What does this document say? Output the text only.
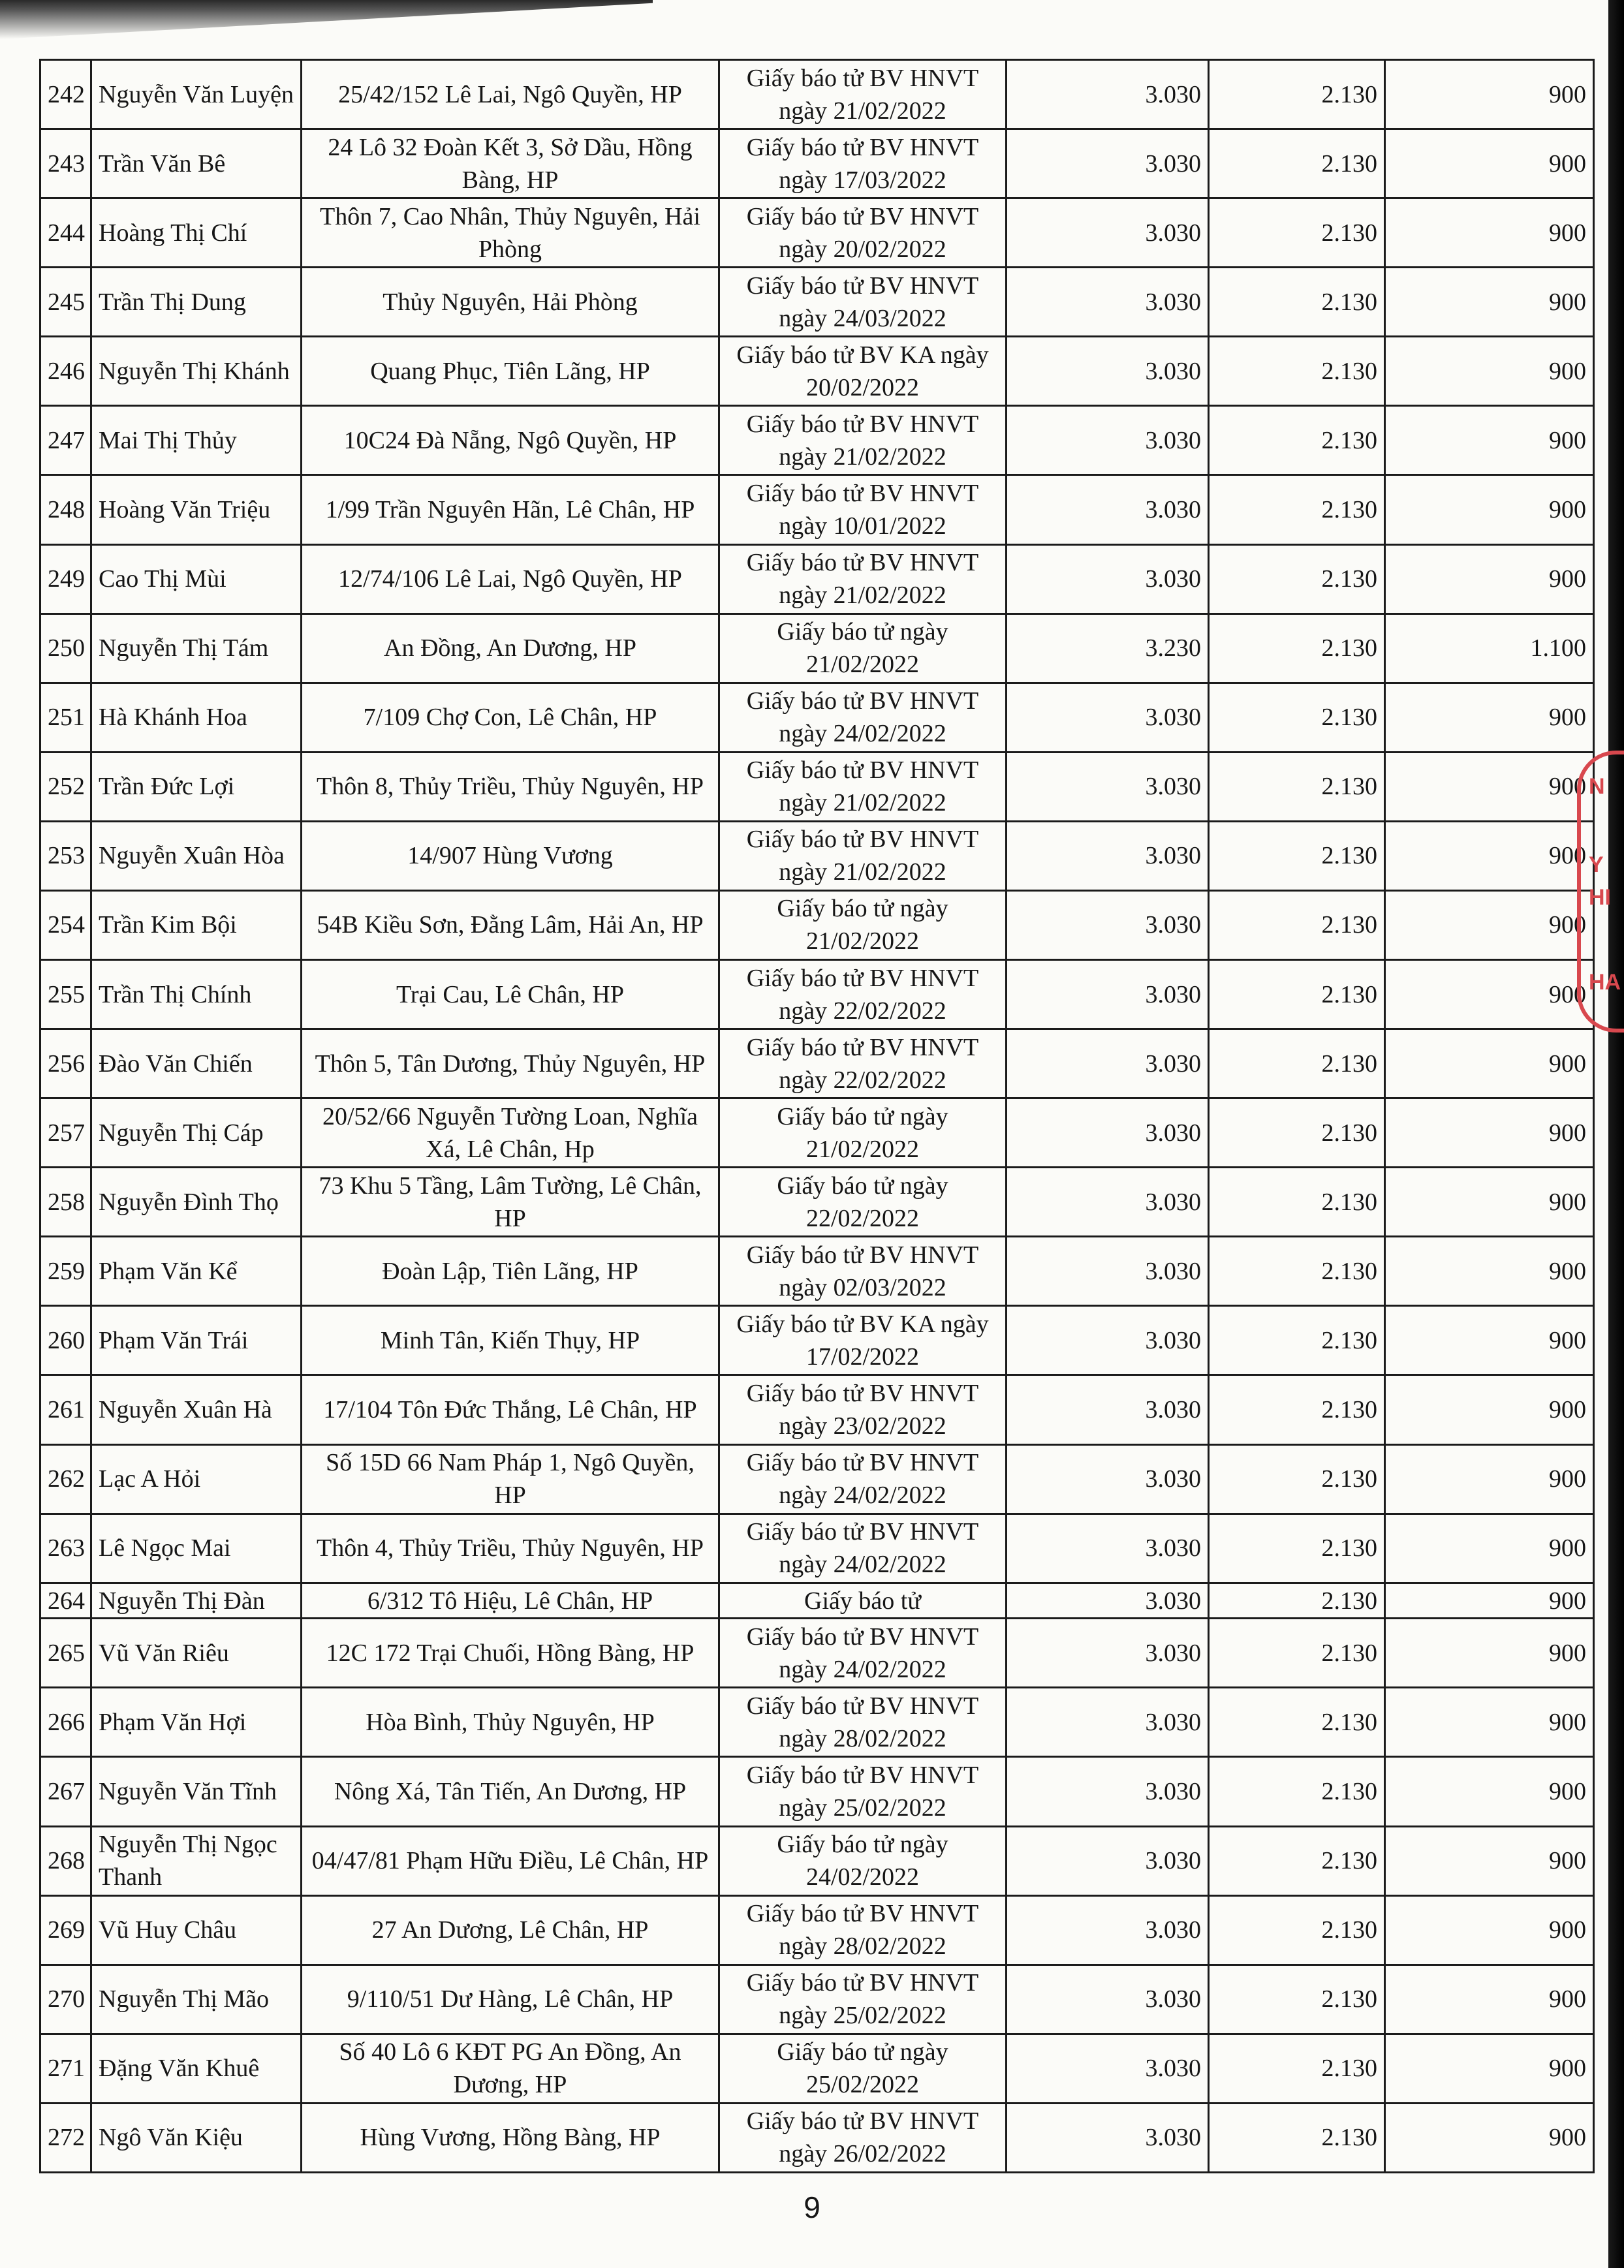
242	Nguyễn Văn Luyện	25/42/152 Lê Lai, Ngô Quyền, HP	Giấy báo tử BV HNVT ngày 21/02/2022	3.030	2.130	900
243	Trần Văn Bê	24 Lô 32 Đoàn Kết 3, Sở Dầu, Hồng Bàng, HP	Giấy báo tử BV HNVT ngày 17/03/2022	3.030	2.130	900
244	Hoàng Thị Chí	Thôn 7, Cao Nhân, Thủy Nguyên, Hải Phòng	Giấy báo tử BV HNVT ngày 20/02/2022	3.030	2.130	900
245	Trần Thị Dung	Thủy Nguyên, Hải Phòng	Giấy báo tử BV HNVT ngày 24/03/2022	3.030	2.130	900
246	Nguyễn Thị Khánh	Quang Phục, Tiên Lãng, HP	Giấy báo tử BV KA ngày 20/02/2022	3.030	2.130	900
247	Mai Thị Thủy	10C24 Đà Nẵng, Ngô Quyền, HP	Giấy báo tử BV HNVT ngày 21/02/2022	3.030	2.130	900
248	Hoàng Văn Triệu	1/99 Trần Nguyên Hãn, Lê Chân, HP	Giấy báo tử BV HNVT ngày 10/01/2022	3.030	2.130	900
249	Cao Thị Mùi	12/74/106 Lê Lai, Ngô Quyền, HP	Giấy báo tử BV HNVT ngày 21/02/2022	3.030	2.130	900
250	Nguyễn Thị Tám	An Đồng, An Dương, HP	Giấy báo tử ngày 21/02/2022	3.230	2.130	1.100
251	Hà Khánh Hoa	7/109 Chợ Con, Lê Chân, HP	Giấy báo tử BV HNVT ngày 24/02/2022	3.030	2.130	900
252	Trần Đức Lợi	Thôn 8, Thủy Triều, Thủy Nguyên, HP	Giấy báo tử BV HNVT ngày 21/02/2022	3.030	2.130	900
253	Nguyễn Xuân Hòa	14/907 Hùng Vương	Giấy báo tử BV HNVT ngày 21/02/2022	3.030	2.130	900
254	Trần Kim Bội	54B Kiều Sơn, Đằng Lâm, Hải An, HP	Giấy báo tử ngày 21/02/2022	3.030	2.130	900
255	Trần Thị Chính	Trại Cau, Lê Chân, HP	Giấy báo tử BV HNVT ngày 22/02/2022	3.030	2.130	900
256	Đào Văn Chiến	Thôn 5, Tân Dương, Thủy Nguyên, HP	Giấy báo tử BV HNVT ngày 22/02/2022	3.030	2.130	900
257	Nguyễn Thị Cáp	20/52/66 Nguyễn Tường Loan, Nghĩa Xá, Lê Chân, Hp	Giấy báo tử ngày 21/02/2022	3.030	2.130	900
258	Nguyễn Đình Thọ	73 Khu 5 Tầng, Lâm Tường, Lê Chân, HP	Giấy báo tử ngày 22/02/2022	3.030	2.130	900
259	Phạm Văn Kể	Đoàn Lập, Tiên Lãng, HP	Giấy báo tử BV HNVT ngày 02/03/2022	3.030	2.130	900
260	Phạm Văn Trái	Minh Tân, Kiến Thụy, HP	Giấy báo tử BV KA ngày 17/02/2022	3.030	2.130	900
261	Nguyễn Xuân Hà	17/104 Tôn Đức Thắng, Lê Chân, HP	Giấy báo tử BV HNVT ngày 23/02/2022	3.030	2.130	900
262	Lạc A Hỏi	Số 15D 66 Nam Pháp 1, Ngô Quyền, HP	Giấy báo tử BV HNVT ngày 24/02/2022	3.030	2.130	900
263	Lê Ngọc Mai	Thôn 4, Thủy Triều, Thủy Nguyên, HP	Giấy báo tử BV HNVT ngày 24/02/2022	3.030	2.130	900
264	Nguyễn Thị Đàn	6/312 Tô Hiệu, Lê Chân, HP	Giấy báo tử	3.030	2.130	900
265	Vũ Văn Riêu	12C 172 Trại Chuối, Hồng Bàng, HP	Giấy báo tử BV HNVT ngày 24/02/2022	3.030	2.130	900
266	Phạm Văn Hợi	Hòa Bình, Thủy Nguyên, HP	Giấy báo tử BV HNVT ngày 28/02/2022	3.030	2.130	900
267	Nguyễn Văn Tĩnh	Nông Xá, Tân Tiến, An Dương, HP	Giấy báo tử BV HNVT ngày 25/02/2022	3.030	2.130	900
268	Nguyễn Thị Ngọc Thanh	04/47/81 Phạm Hữu Điều, Lê Chân, HP	Giấy báo tử ngày 24/02/2022	3.030	2.130	900
269	Vũ Huy Châu	27 An Dương, Lê Chân, HP	Giấy báo tử BV HNVT ngày 28/02/2022	3.030	2.130	900
270	Nguyễn Thị Mão	9/110/51 Dư Hàng, Lê Chân, HP	Giấy báo tử BV HNVT ngày 25/02/2022	3.030	2.130	900
271	Đặng Văn Khuê	Số 40 Lô 6 KĐT PG An Đồng, An Dương, HP	Giấy báo tử ngày 25/02/2022	3.030	2.130	900
272	Ngô Văn Kiệu	Hùng Vương, Hồng Bàng, HP	Giấy báo tử BV HNVT ngày 26/02/2022	3.030	2.130	900
N
Y
HI
HA
9
